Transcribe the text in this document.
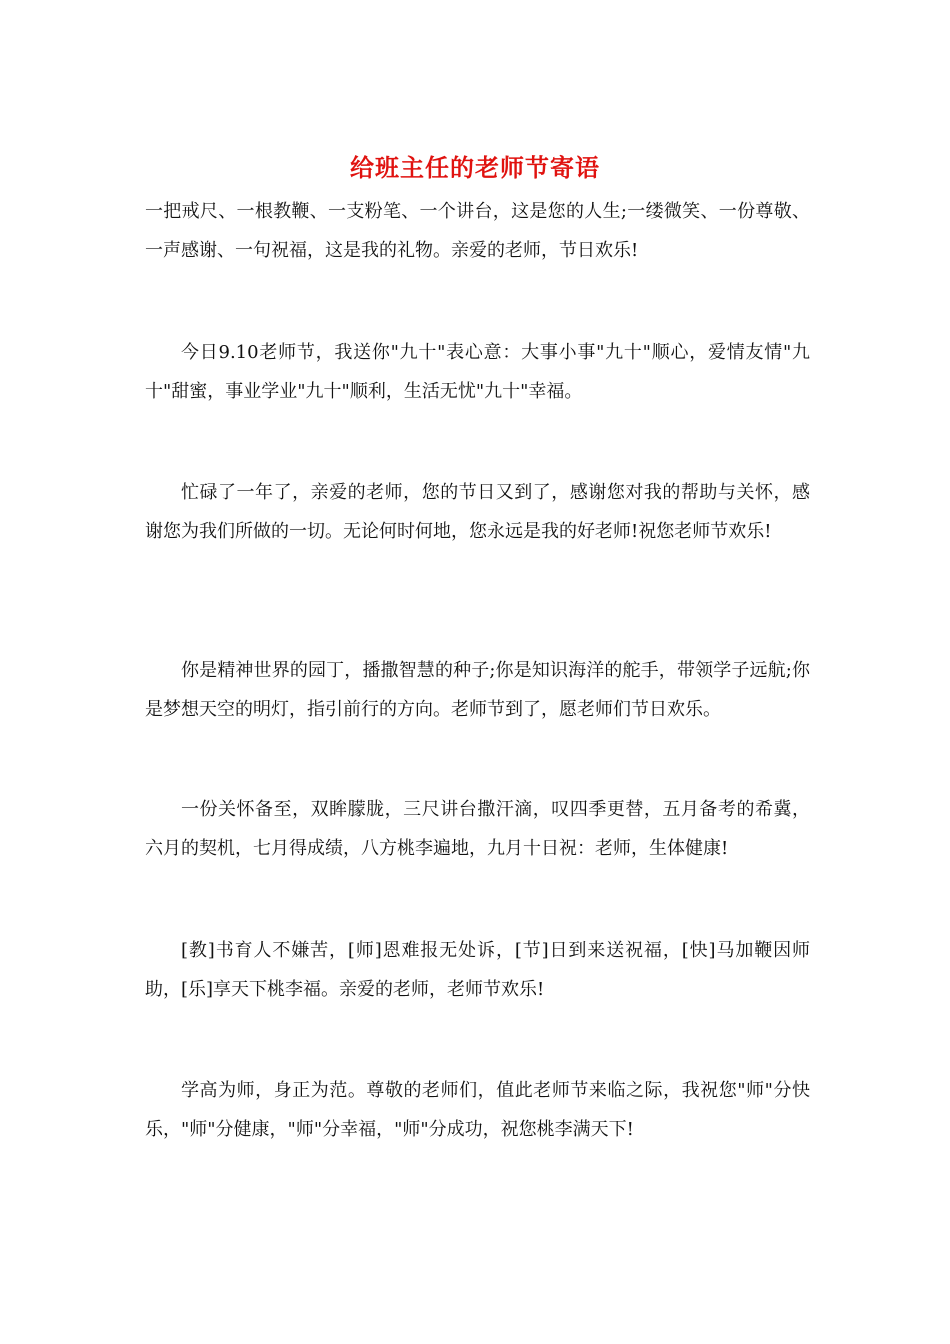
给班主任的老师节寄语
一把戒尺、一根教鞭、一支粉笔、一个讲台，这是您的人生;一缕微笑、一份尊敬、一声感谢、一句祝福，这是我的礼物。亲爱的老师，节日欢乐!
今日9.10老师节，我送你"九十"表心意：大事小事"九十"顺心，爱情友情"九十"甜蜜，事业学业"九十"顺利，生活无忧"九十"幸福。
忙碌了一年了，亲爱的老师，您的节日又到了，感谢您对我的帮助与关怀，感谢您为我们所做的一切。无论何时何地，您永远是我的好老师!祝您老师节欢乐!
你是精神世界的园丁，播撒智慧的种子;你是知识海洋的舵手，带领学子远航;你是梦想天空的明灯，指引前行的方向。老师节到了，愿老师们节日欢乐。
一份关怀备至，双眸朦胧，三尺讲台撒汗滴，叹四季更替，五月备考的希冀，六月的契机，七月得成绩，八方桃李遍地，九月十日祝：老师，生体健康!
[教]书育人不嫌苦，[师]恩难报无处诉，[节]日到来送祝福，[快]马加鞭因师助，[乐]享天下桃李福。亲爱的老师，老师节欢乐!
学高为师，身正为范。尊敬的老师们，值此老师节来临之际，我祝您"师"分快乐，"师"分健康，"师"分幸福，"师"分成功，祝您桃李满天下!
